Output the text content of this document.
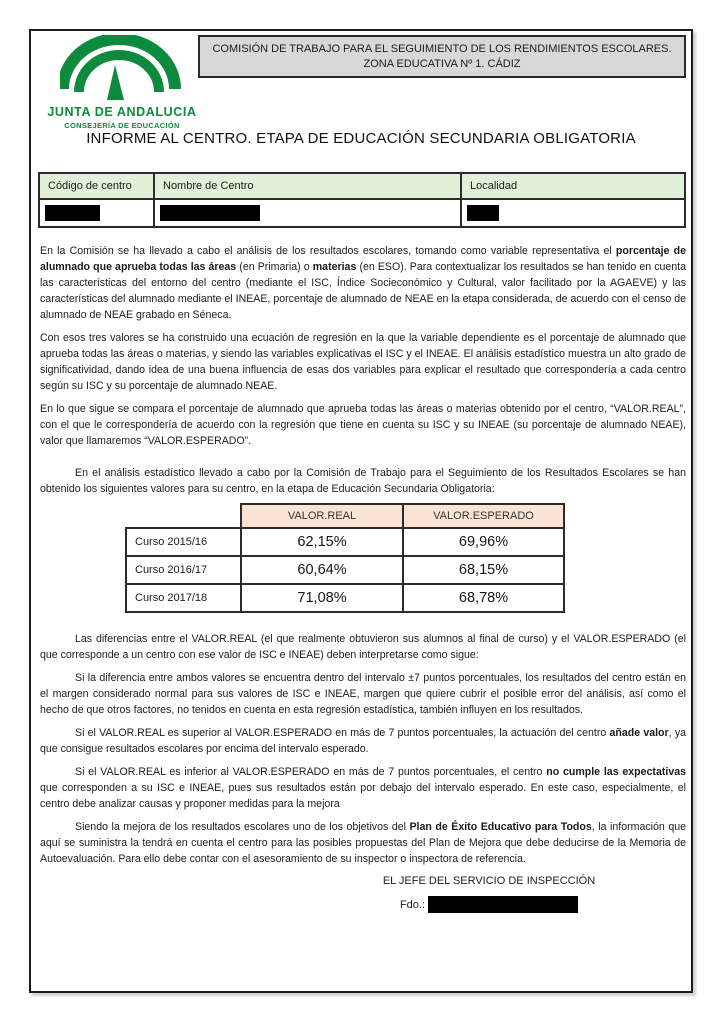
JUNTA DE ANDALUCIA
CONSEJERÍA DE EDUCACIÓN
COMISIÓN DE TRABAJO PARA EL SEGUIMIENTO DE LOS RENDIMIENTOS ESCOLARES.
ZONA EDUCATIVA Nº 1. CÁDIZ
INFORME AL CENTRO. ETAPA DE EDUCACIÓN SECUNDARIA OBLIGATORIA
Código de centro	Nombre de Centro	Localidad

En la Comisión se ha llevado a cabo el análisis de los resultados escolares, tomando como variable representativa el porcentaje de alumnado que aprueba todas las áreas (en Primaria) o materias (en ESO). Para contextualizar los resultados se han tenido en cuenta las características del entorno del centro (mediante el ISC, Índice Socieconómico y Cultural, valor facilitado por la AGAEVE) y las características del alumnado mediante el INEAE, porcentaje de alumnado de NEAE en la etapa considerada, de acuerdo con el censo de alumnado de NEAE grabado en Séneca.

Con esos tres valores se ha construido una ecuación de regresión en la que la variable dependiente es el porcentaje de alumnado que aprueba todas las áreas o materias, y siendo las variables explicativas el ISC y el INEAE. El análisis estadístico muestra un alto grado de significatividad, dando idea de una buena influencia de esas dos variables para explicar el resultado que correspondería a cada centro según su ISC y su porcentaje de alumnado NEAE.

En lo que sigue se compara el porcentaje de alumnado que aprueba todas las áreas o materias obtenido por el centro, “VALOR.REAL”, con el que le correspondería de acuerdo con la regresión que tiene en cuenta su ISC y su INEAE (su porcentaje de alumnado NEAE), valor que llamaremos “VALOR.ESPERADO”.

En el análisis estadístico llevado a cabo por la Comisión de Trabajo para el Seguimiento de los Resultados Escolares se han obtenido los siguientes valores para su centro, en la etapa de Educación Secundaria Obligatoria:

	VALOR.REAL	VALOR.ESPERADO
Curso 2015/16	62,15%	69,96%
Curso 2016/17	60,64%	68,15%
Curso 2017/18	71,08%	68,78%

Las diferencias entre el VALOR.REAL (el que realmente obtuvieron sus alumnos al final de curso) y el VALOR.ESPERADO (el que corresponde a un centro con ese valor de ISC e INEAE) deben interpretarse como sigue:

Si la diferencia entre ambos valores se encuentra dentro del intervalo ±7 puntos porcentuales, los resultados del centro están en el margen considerado normal para sus valores de ISC e INEAE, margen que quiere cubrir el posible error del análisis, así como el hecho de que otros factores, no tenidos en cuenta en esta regresión estadística, también influyen en los resultados.

Si el VALOR.REAL es superior al VALOR.ESPERADO en más de 7 puntos porcentuales, la actuación del centro añade valor, ya que consigue resultados escolares por encima del intervalo esperado.

Si el VALOR.REAL es inferior al VALOR.ESPERADO en más de 7 puntos porcentuales, el centro no cumple las expectativas que corresponden a su ISC e INEAE, pues sus resultados están por debajo del intervalo esperado. En este caso, especialmente, el centro debe analizar causas y proponer medidas para la mejora

Siendo la mejora de los resultados escolares uno de los objetivos del Plan de Éxito Educativo para Todos, la información que aquí se suministra la tendrá en cuenta el centro para las posibles propuestas del Plan de Mejora que debe deducirse de la Memoria de Autoevaluación. Para ello debe contar con el asesoramiento de su inspector o inspectora de referencia.

EL JEFE DEL SERVICIO DE INSPECCIÓN
Fdo.:
